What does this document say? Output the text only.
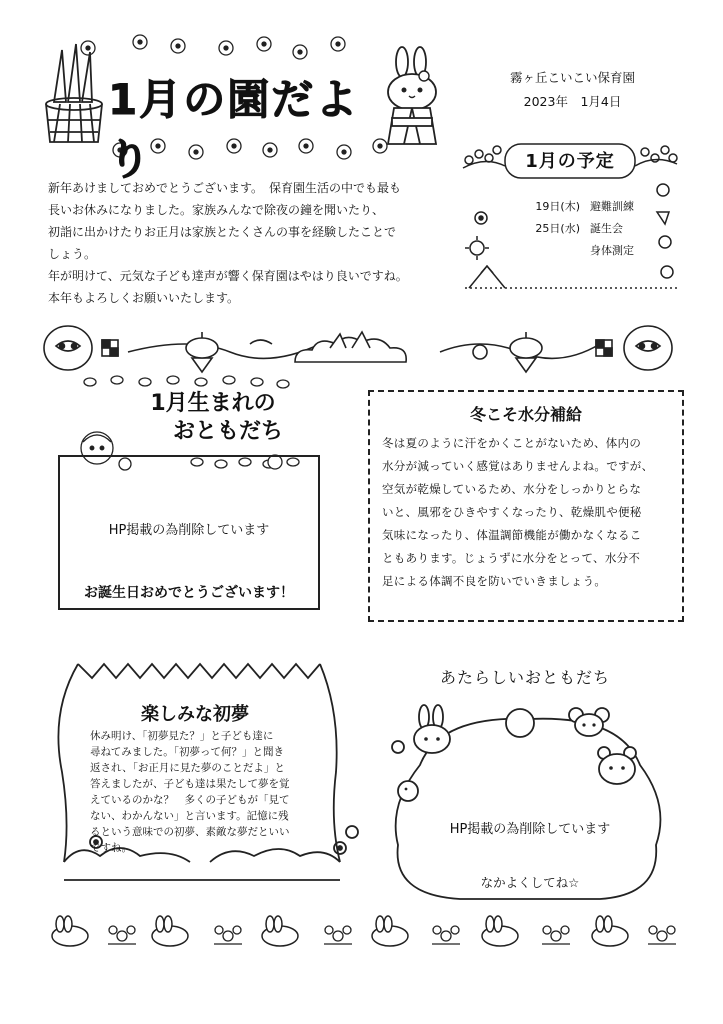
1月の園だより
霧ヶ丘こいこい保育園
2023年　1月4日
新年あけましておめでとうございます。　保育園生活の中でも最も
長いお休みになりました。家族みんなで除夜の鐘を聞いたり、
初詣に出かけたりお正月は家族とたくさんの事を経験したことで
しょう。
年が明けて、元気な子ども達声が響く保育園はやはり良いですね。
本年もよろしくお願いいたします。
1月の予定
19日(木) 避難訓練
25日(水) 誕生会
身体測定
1月生まれの
おともだち
HP掲載の為削除しています
お誕生日おめでとうございます！
冬こそ水分補給
冬は夏のように汗をかくことがないため、体内の
水分が減っていく感覚はありませんよね。ですが、
空気が乾燥しているため、水分をしっかりとらな
いと、風邪をひきやすくなったり、乾燥肌や便秘
気味になったり、体温調節機能が働かなくなるこ
ともあります。じょうずに水分をとって、水分不
足による体調不良を防いでいきましょう。
楽しみな初夢
休み明け、「初夢見た？」と子ども達に
尋ねてみました。「初夢って何？」と聞き
返され、「お正月に見た夢のことだよ」と
答えましたが、子ども達は果たして夢を覚
えているのかな？　多くの子どもが「見て
ない、わかんない」と言います。記憶に残
るという意味での初夢、素敵な夢だといい
ですね。
あたらしいおともだち
HP掲載の為削除しています
なかよくしてね☆
